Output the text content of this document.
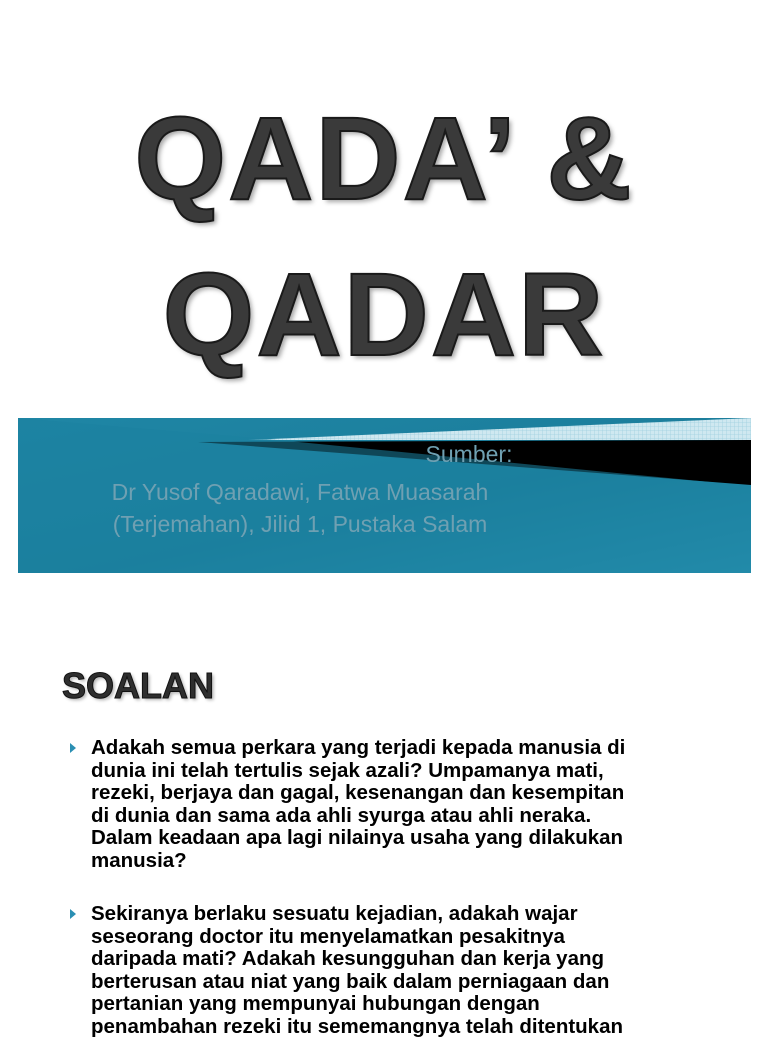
QADA’ &
QADAR
Sumber:
Dr Yusof Qaradawi, Fatwa Muasarah
(Terjemahan), Jilid 1, Pustaka Salam
SOALAN
Adakah semua perkara yang terjadi kepada manusia di
dunia ini telah tertulis sejak azali? Umpamanya mati,
rezeki, berjaya dan gagal, kesenangan dan kesempitan
di dunia dan sama ada ahli syurga atau ahli neraka.
Dalam keadaan apa lagi nilainya usaha yang dilakukan
manusia?
Sekiranya berlaku sesuatu kejadian, adakah wajar
seseorang doctor itu menyelamatkan pesakitnya
daripada mati? Adakah kesungguhan dan kerja yang
berterusan atau niat yang baik dalam perniagaan dan
pertanian yang mempunyai hubungan dengan
penambahan rezeki itu sememangnya telah ditentukan
